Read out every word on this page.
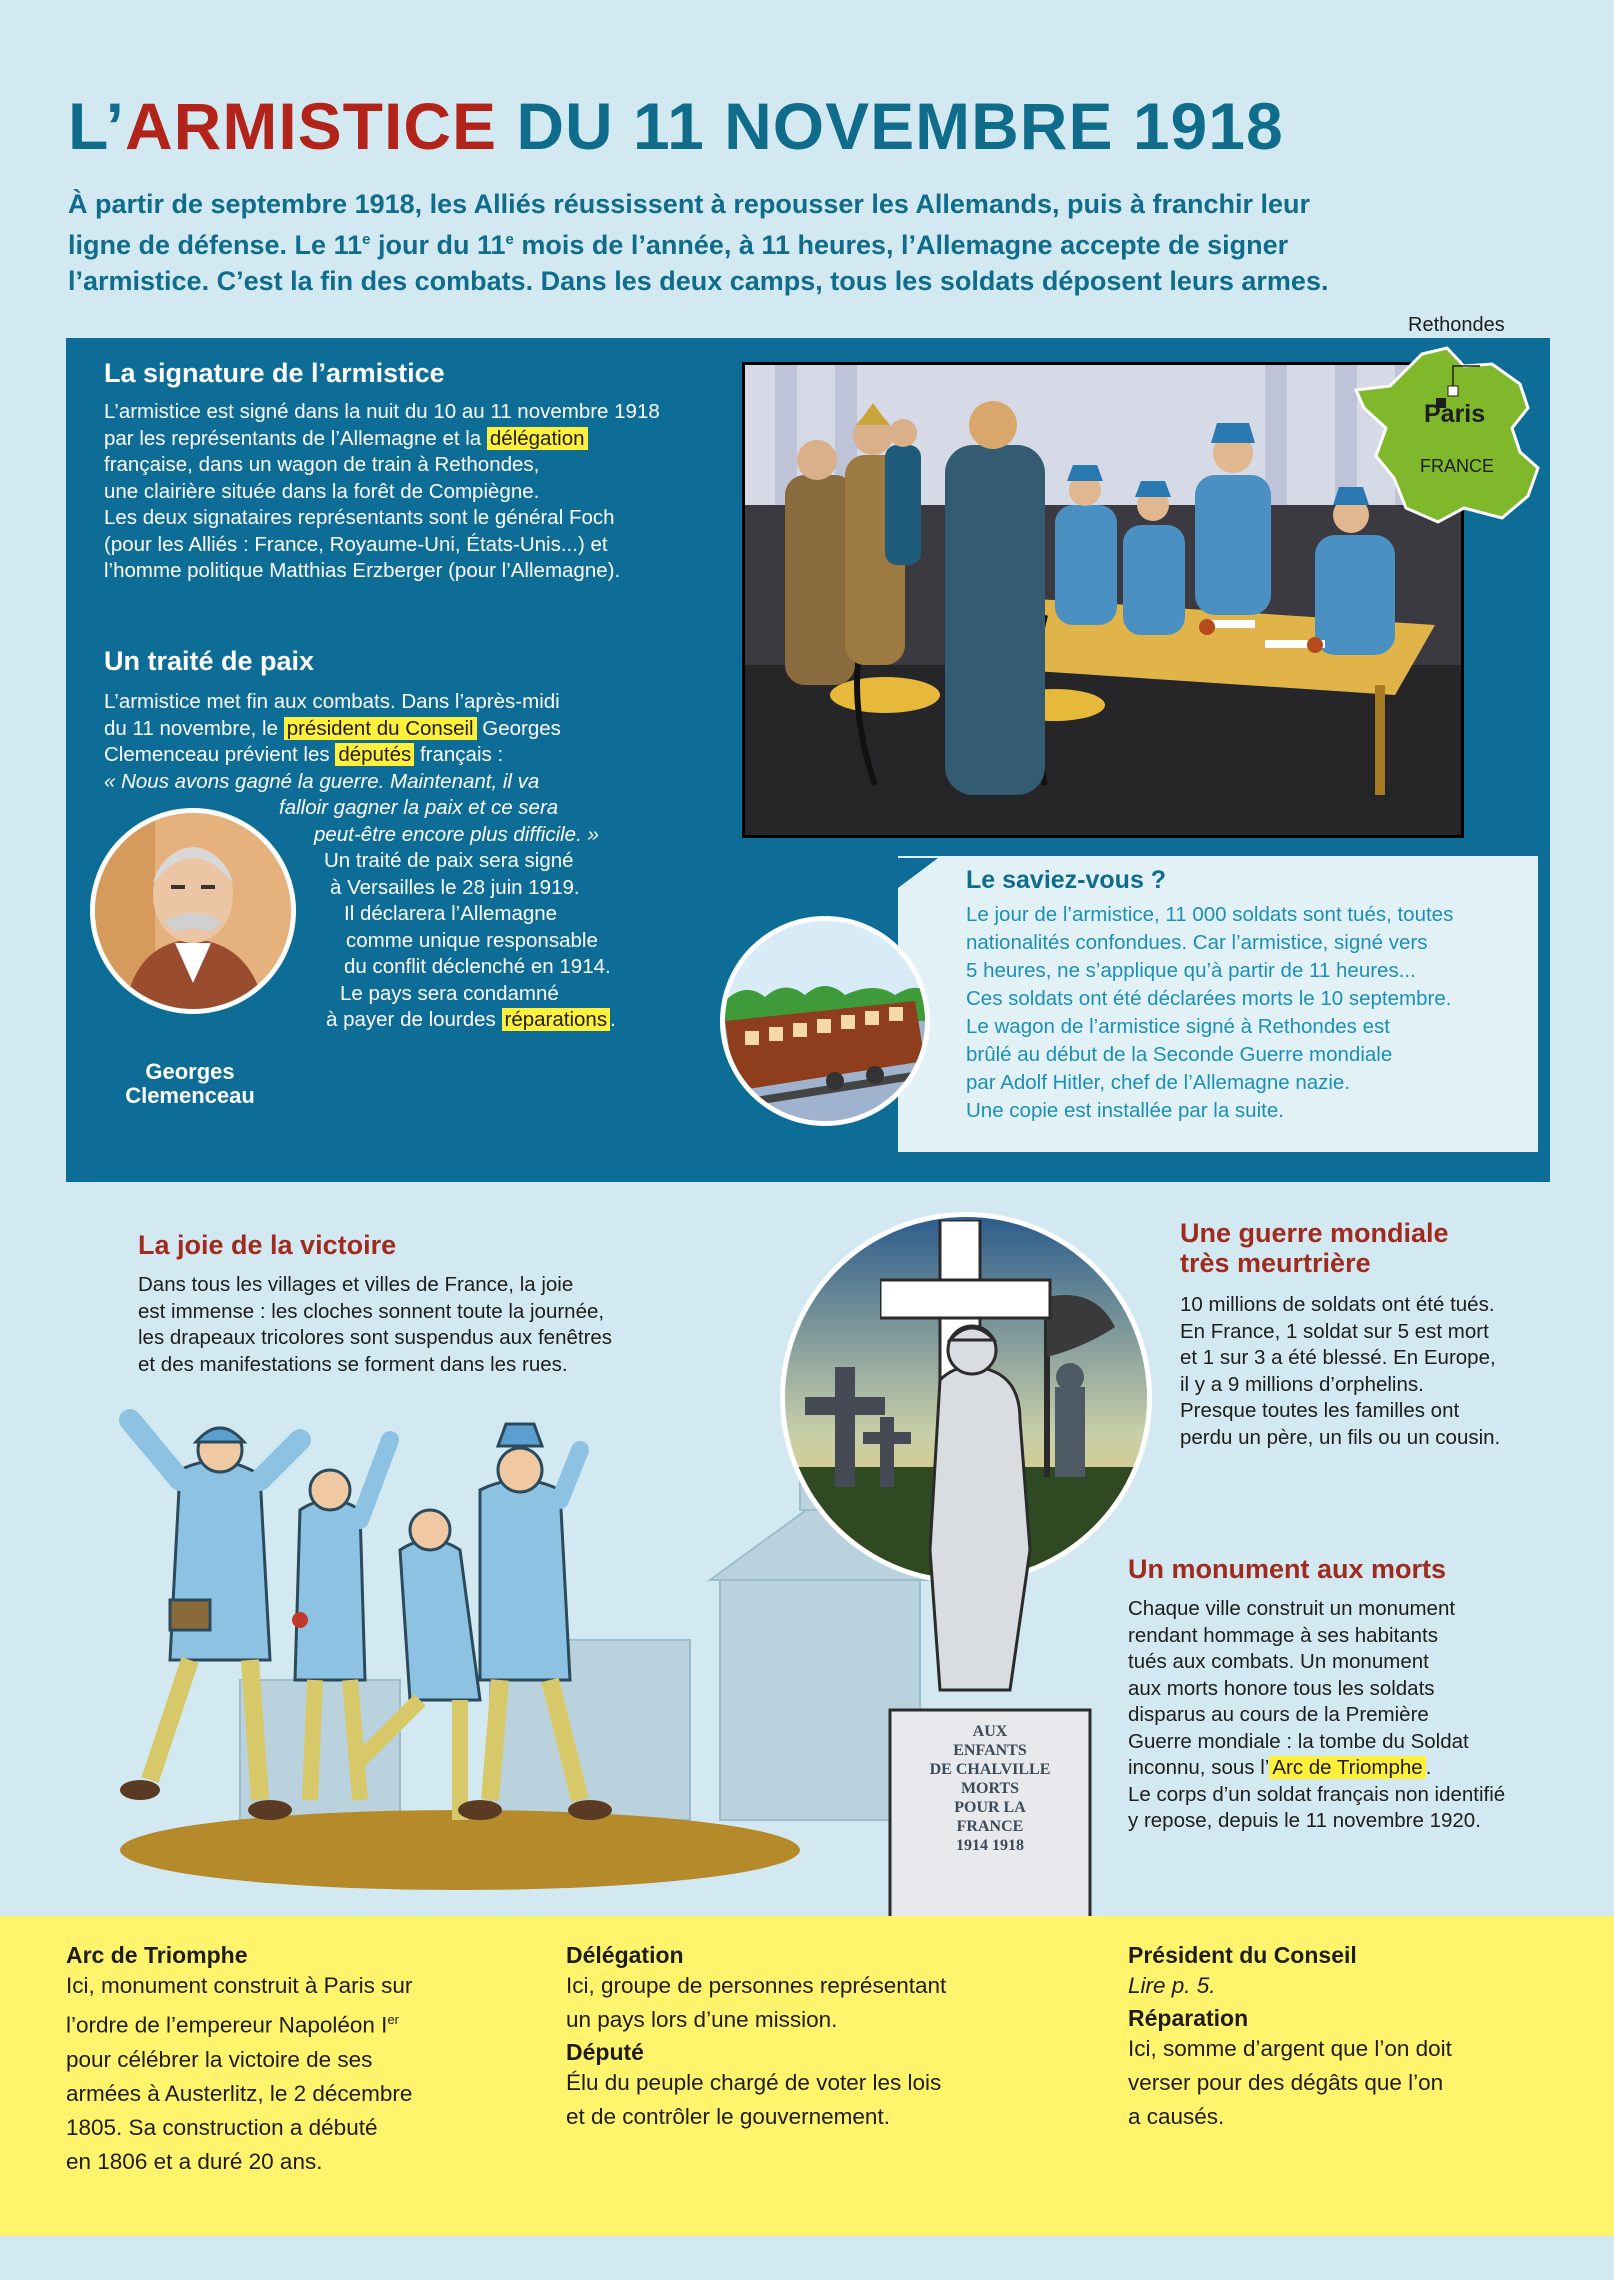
L’ARMISTICE DU 11 NOVEMBRE 1918
À partir de septembre 1918, les Alliés réussissent à repousser les Allemands, puis à franchir leur
ligne de défense. Le 11e jour du 11e mois de l’année, à 11 heures, l’Allemagne accepte de signer
l’armistice. C’est la fin des combats. Dans les deux camps, tous les soldats déposent leurs armes.
La signature de l’armistice
L’armistice est signé dans la nuit du 10 au 11 novembre 1918
par les représentants de l’Allemagne et la délégation
française, dans un wagon de train à Rethondes,
une clairière située dans la forêt de Compiègne.
Les deux signataires représentants sont le général Foch
(pour les Alliés : France, Royaume-Uni, États-Unis...) et
l’homme politique Matthias Erzberger (pour l’Allemagne).
Rethondes
Paris
FRANCE
Un traité de paix
L’armistice met fin aux combats. Dans l’après-midi
du 11 novembre, le président du Conseil Georges
Clemenceau prévient les députés français :
« Nous avons gagné la guerre. Maintenant, il va
falloir gagner la paix et ce sera
peut-être encore plus difficile. »
Un traité de paix sera signé
à Versailles le 28 juin 1919.
Il déclarera l’Allemagne
comme unique responsable
du conflit déclenché en 1914.
Le pays sera condamné
à payer de lourdes réparations .
Georges
Clemenceau
Le saviez-vous ?
Le jour de l’armistice, 11 000 soldats sont tués, toutes
nationalités confondues. Car l’armistice, signé vers
5 heures, ne s’applique qu’à partir de 11 heures...
Ces soldats ont été déclarées morts le 10 septembre.
Le wagon de l’armistice signé à Rethondes est
brûlé au début de la Seconde Guerre mondiale
par Adolf Hitler, chef de l’Allemagne nazie.
Une copie est installée par la suite.
La joie de la victoire
Dans tous les villages et villes de France, la joie
est immense : les cloches sonnent toute la journée,
les drapeaux tricolores sont suspendus aux fenêtres
et des manifestations se forment dans les rues.
AUX
ENFANTS
DE CHALVILLE
MORTS
POUR LA
FRANCE
1914 1918
Une guerre mondiale
très meurtrière
10 millions de soldats ont été tués.
En France, 1 soldat sur 5 est mort
et 1 sur 3 a été blessé. En Europe,
il y a 9 millions d’orphelins.
Presque toutes les familles ont
perdu un père, un fils ou un cousin.
Un monument aux morts
Chaque ville construit un monument
rendant hommage à ses habitants
tués aux combats. Un monument
aux morts honore tous les soldats
disparus au cours de la Première
Guerre mondiale : la tombe du Soldat
inconnu, sous l’ Arc de Triomphe .
Le corps d’un soldat français non identifié
y repose, depuis le 11 novembre 1920.
Arc de Triomphe
Ici, monument construit à Paris sur
l’ordre de l’empereur Napoléon Ier
pour célébrer la victoire de ses
armées à Austerlitz, le 2 décembre
1805. Sa construction a débuté
en 1806 et a duré 20 ans.
Délégation
Ici, groupe de personnes représentant
un pays lors d’une mission.
Député
Élu du peuple chargé de voter les lois
et de contrôler le gouvernement.
Président du Conseil
Lire p. 5.
Réparation
Ici, somme d’argent que l’on doit
verser pour des dégâts que l’on
a causés.
